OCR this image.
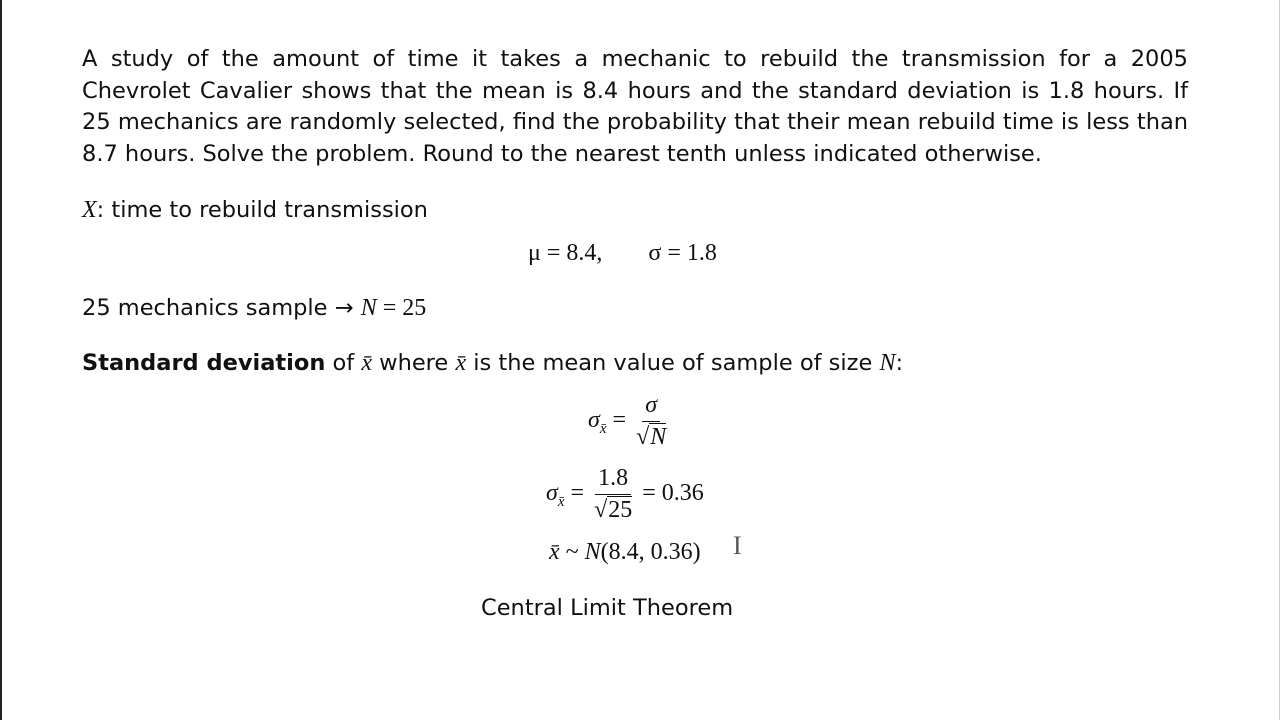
A study of the amount of time it takes a mechanic to rebuild the transmission for a 2005 Chevrolet Cavalier shows that the mean is 8.4 hours and the standard deviation is 1.8 hours. If 25 mechanics are randomly selected, find the probability that their mean rebuild time is less than 8.7 hours. Solve the problem. Round to the nearest tenth unless indicated otherwise.
X: time to rebuild transmission
μ = 8.4, σ = 1.8
25 mechanics sample → N = 25
Standard deviation of x̄ where x̄ is the mean value of sample of size N:
$\sigma_{x̄} = \frac{\sigma}{√N}$
$\sigma_{x̄} = \frac{1.8}{√25} = 0.36$
x̄ ~ N(8.4, 0.36) I
Central Limit Theorem
